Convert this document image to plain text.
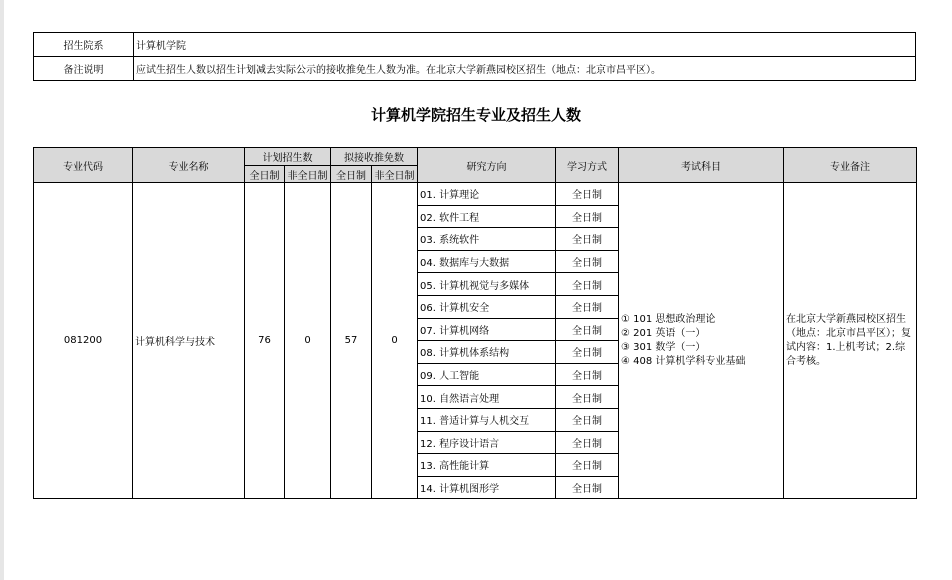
招生院系	计算机学院
备注说明	应试生招生人数以招生计划减去实际公示的接收推免生人数为准。在北京大学新燕园校区招生（地点：北京市昌平区）。
计算机学院招生专业及招生人数
专业代码	专业名称	计划招生数		拟接收推免数		研究方向	学习方式	考试科目	专业备注
		全日制	非全日制	全日制	非全日制				
081200	计算机科学与技术	76	0	57	0	01. 计算理论	全日制	① 101 思想政治理论
② 201 英语（一）
③ 301 数学（一）
④ 408 计算机学科专业基础	在北京大学新燕园校区招生（地点：北京市昌平区）；复试内容：1.上机考试；2.综合考核。
						02. 软件工程	全日制		
						03. 系统软件	全日制		
						04. 数据库与大数据	全日制		
						05. 计算机视觉与多媒体	全日制		
						06. 计算机安全	全日制		
						07. 计算机网络	全日制		
						08. 计算机体系结构	全日制		
						09. 人工智能	全日制		
						10. 自然语言处理	全日制		
						11. 普适计算与人机交互	全日制		
						12. 程序设计语言	全日制		
						13. 高性能计算	全日制		
						14. 计算机图形学	全日制		
